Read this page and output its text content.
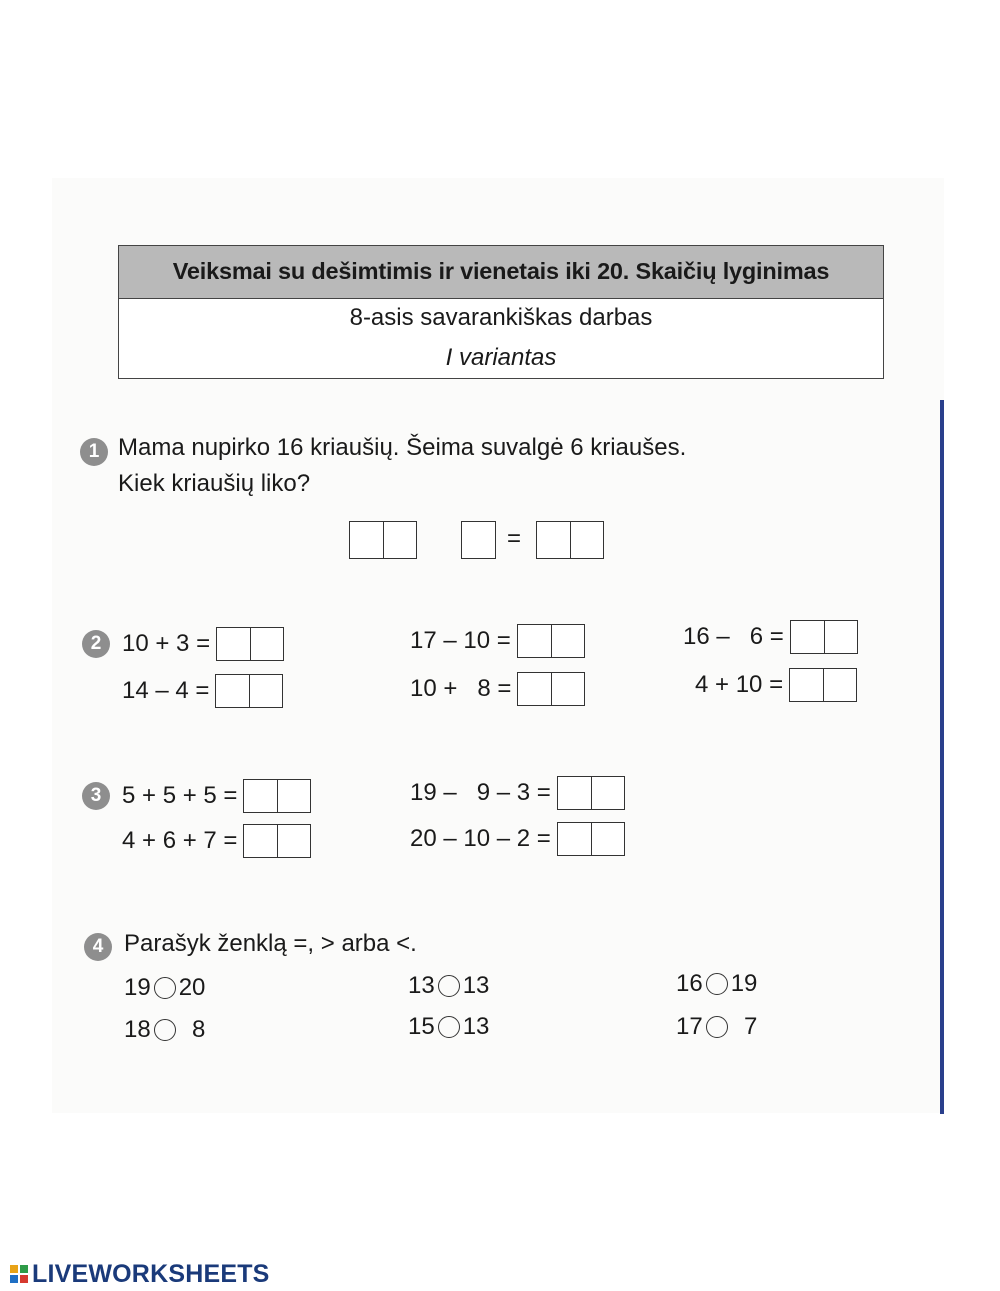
Veiksmai su dešimtimis ir vienetais iki 20. Skaičių lyginimas
8-asis savarankiškas darbas
I variantas
1 Mama nupirko 16 kriaušių. Šeima suvalgė 6 kriaušes.
Kiek kriaušių liko?
=
2 10 + 3 =
14 – 4 =
17 – 10 =
10 +   8 =
16 –   6 =
4 + 10 =
3 5 + 5 + 5 =
4 + 6 + 7 =
19 –   9 – 3 =
20 – 10 – 2 =
4 Parašyk ženklą =, > arba <.
19 20
18 8
13 13
15 13
16 19
17 7
LIVEWORKSHEETS
